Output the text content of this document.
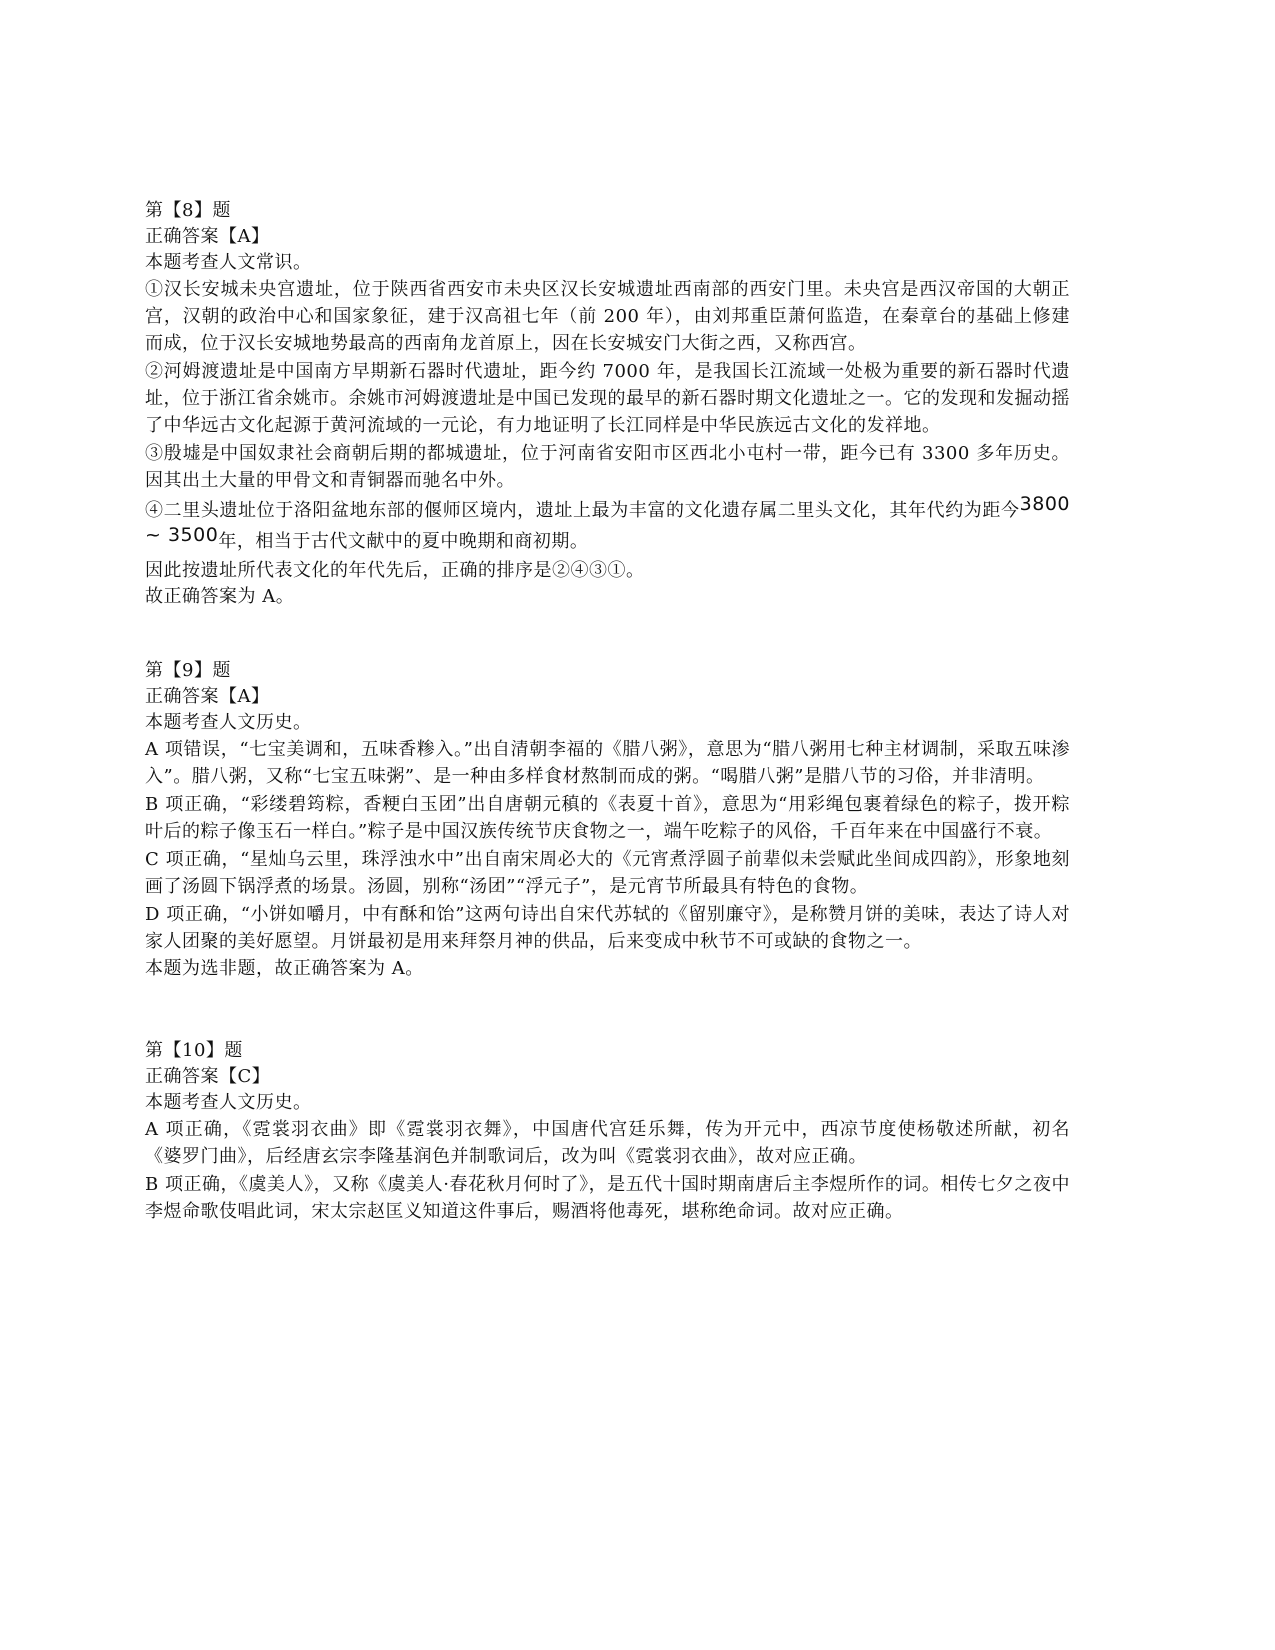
第【8】题

正确答案【A】

本题考查人文常识。

①汉长安城未央宫遗址，位于陕西省西安市未央区汉长安城遗址西南部的西安门里。未央宫是西汉帝国的大朝正宫，汉朝的政治中心和国家象征，建于汉高祖七年（前 200 年），由刘邦重臣萧何监造，在秦章台的基础上修建而成，位于汉长安城地势最高的西南角龙首原上，因在长安城安门大街之西，又称西宫。

②河姆渡遗址是中国南方早期新石器时代遗址，距今约 7000 年，是我国长江流域一处极为重要的新石器时代遗址，位于浙江省余姚市。余姚市河姆渡遗址是中国已发现的最早的新石器时期文化遗址之一。它的发现和发掘动摇了中华远古文化起源于黄河流域的一元论，有力地证明了长江同样是中华民族远古文化的发祥地。

③殷墟是中国奴隶社会商朝后期的都城遗址，位于河南省安阳市区西北小屯村一带，距今已有 3300 多年历史。因其出土大量的甲骨文和青铜器而驰名中外。

④二里头遗址位于洛阳盆地东部的偃师区境内，遗址上最为丰富的文化遗存属二里头文化，其年代约为距今3800 ~ 3500年，相当于古代文献中的夏中晚期和商初期。

因此按遗址所代表文化的年代先后，正确的排序是②④③①。

故正确答案为 A。

第【9】题

正确答案【A】

本题考查人文历史。

A 项错误，“七宝美调和，五味香糁入。”出自清朝李福的《腊八粥》，意思为“腊八粥用七种主材调制，采取五味渗入”。腊八粥，又称“七宝五味粥”、是一种由多样食材熬制而成的粥。“喝腊八粥”是腊八节的习俗，并非清明。

B 项正确，“彩缕碧筠粽，香粳白玉团”出自唐朝元稹的《表夏十首》，意思为“用彩绳包裹着绿色的粽子，拨开粽叶后的粽子像玉石一样白。”粽子是中国汉族传统节庆食物之一，端午吃粽子的风俗，千百年来在中国盛行不衰。

C 项正确，“星灿乌云里，珠浮浊水中”出自南宋周必大的《元宵煮浮圆子前辈似未尝赋此坐间成四韵》，形象地刻画了汤圆下锅浮煮的场景。汤圆，别称“汤团”“浮元子”，是元宵节所最具有特色的食物。

D 项正确，“小饼如嚼月，中有酥和饴”这两句诗出自宋代苏轼的《留别廉守》，是称赞月饼的美味，表达了诗人对家人团聚的美好愿望。月饼最初是用来拜祭月神的供品，后来变成中秋节不可或缺的食物之一。

本题为选非题，故正确答案为 A。

第【10】题

正确答案【C】

本题考查人文历史。

A 项正确，《霓裳羽衣曲》即《霓裳羽衣舞》，中国唐代宫廷乐舞，传为开元中，西凉节度使杨敬述所献，初名《婆罗门曲》，后经唐玄宗李隆基润色并制歌词后，改为叫《霓裳羽衣曲》，故对应正确。

B 项正确，《虞美人》，又称《虞美人·春花秋月何时了》，是五代十国时期南唐后主李煜所作的词。相传七夕之夜中李煜命歌伎唱此词，宋太宗赵匡义知道这件事后，赐酒将他毒死，堪称绝命词。故对应正确。
